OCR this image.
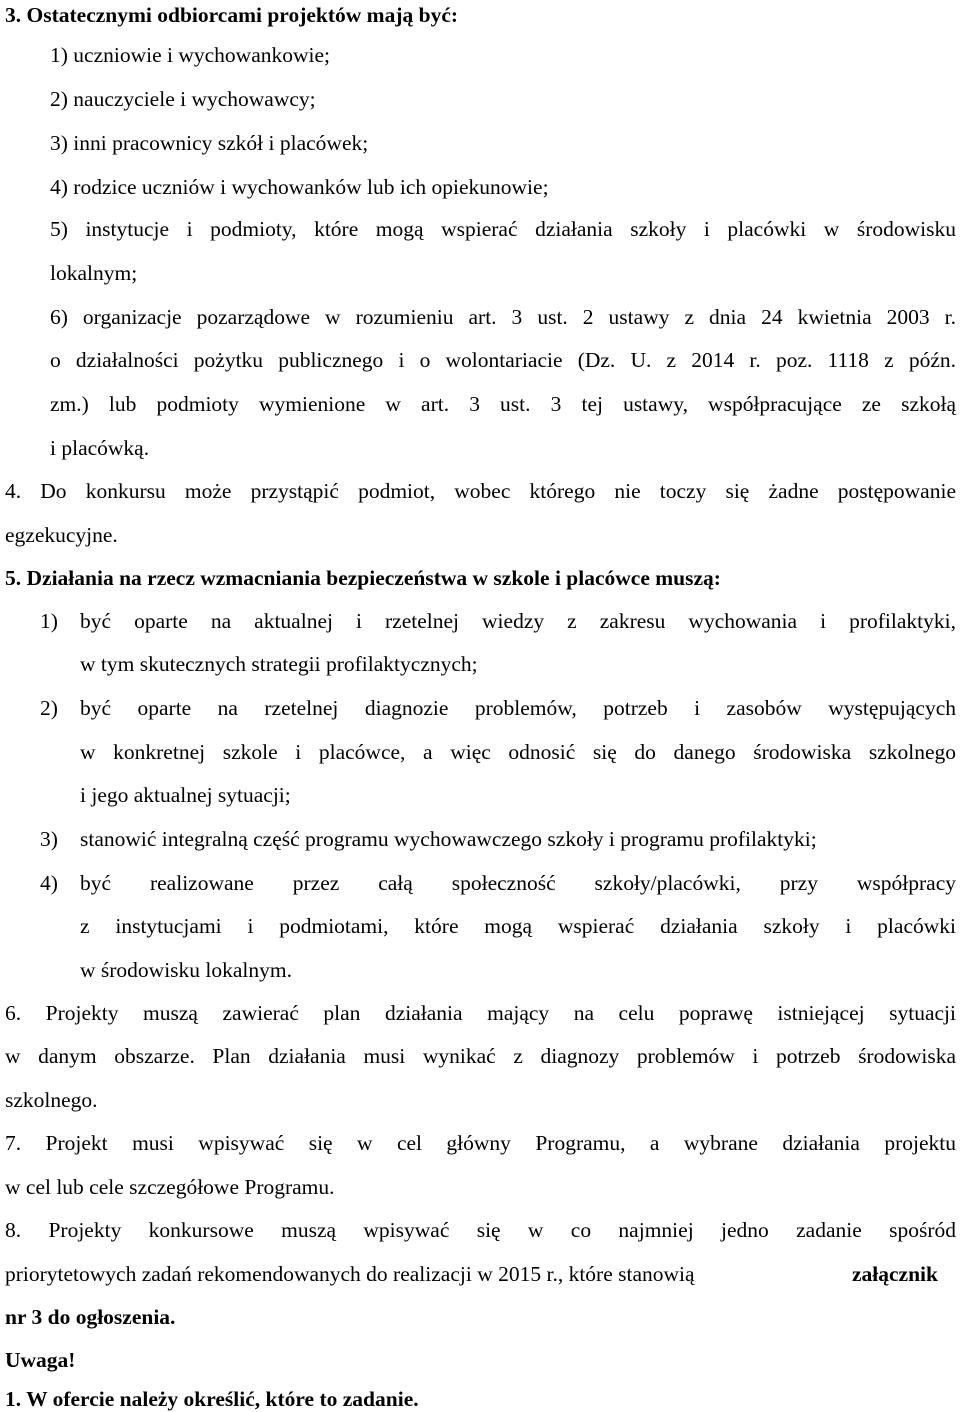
3. Ostatecznymi odbiorcami projektów mają być:
1) uczniowie i wychowankowie;
2) nauczyciele i wychowawcy;
3) inni pracownicy szkół i placówek;
4) rodzice uczniów i wychowanków lub ich opiekunowie;
5) instytucje i podmioty, które mogą wspierać działania szkoły i placówki w środowisku
lokalnym;
6) organizacje pozarządowe w rozumieniu art. 3 ust. 2 ustawy z dnia 24 kwietnia 2003 r.
o działalności pożytku publicznego i o wolontariacie (Dz. U. z 2014 r. poz. 1118 z późn.
zm.) lub podmioty wymienione w art. 3 ust. 3 tej ustawy, współpracujące ze szkołą
i placówką.
4. Do konkursu może przystąpić podmiot, wobec którego nie toczy się żadne postępowanie
egzekucyjne.
5. Działania na rzecz wzmacniania bezpieczeństwa w szkole i placówce muszą:
1) być oparte na aktualnej i rzetelnej wiedzy z zakresu wychowania i profilaktyki,
w tym skutecznych strategii profilaktycznych;
2) być oparte na rzetelnej diagnozie problemów, potrzeb i zasobów występujących
w konkretnej szkole i placówce, a więc odnosić się do danego środowiska szkolnego
i jego aktualnej sytuacji;
3) stanowić integralną część programu wychowawczego szkoły i programu profilaktyki;
4) być realizowane przez całą społeczność szkoły/placówki, przy współpracy
z instytucjami i podmiotami, które mogą wspierać działania szkoły i placówki
w środowisku lokalnym.
6. Projekty muszą zawierać plan działania mający na celu poprawę istniejącej sytuacji
w danym obszarze. Plan działania musi wynikać z diagnozy problemów i potrzeb środowiska
szkolnego.
7. Projekt musi wpisywać się w cel główny Programu, a wybrane działania projektu
w cel lub cele szczegółowe Programu.
8. Projekty konkursowe muszą wpisywać się w co najmniej jedno zadanie spośród
priorytetowych zadań rekomendowanych do realizacji w 2015 r., które stanowią	załącznik
nr 3 do ogłoszenia.
Uwaga!
1. W ofercie należy określić, które to zadanie.
